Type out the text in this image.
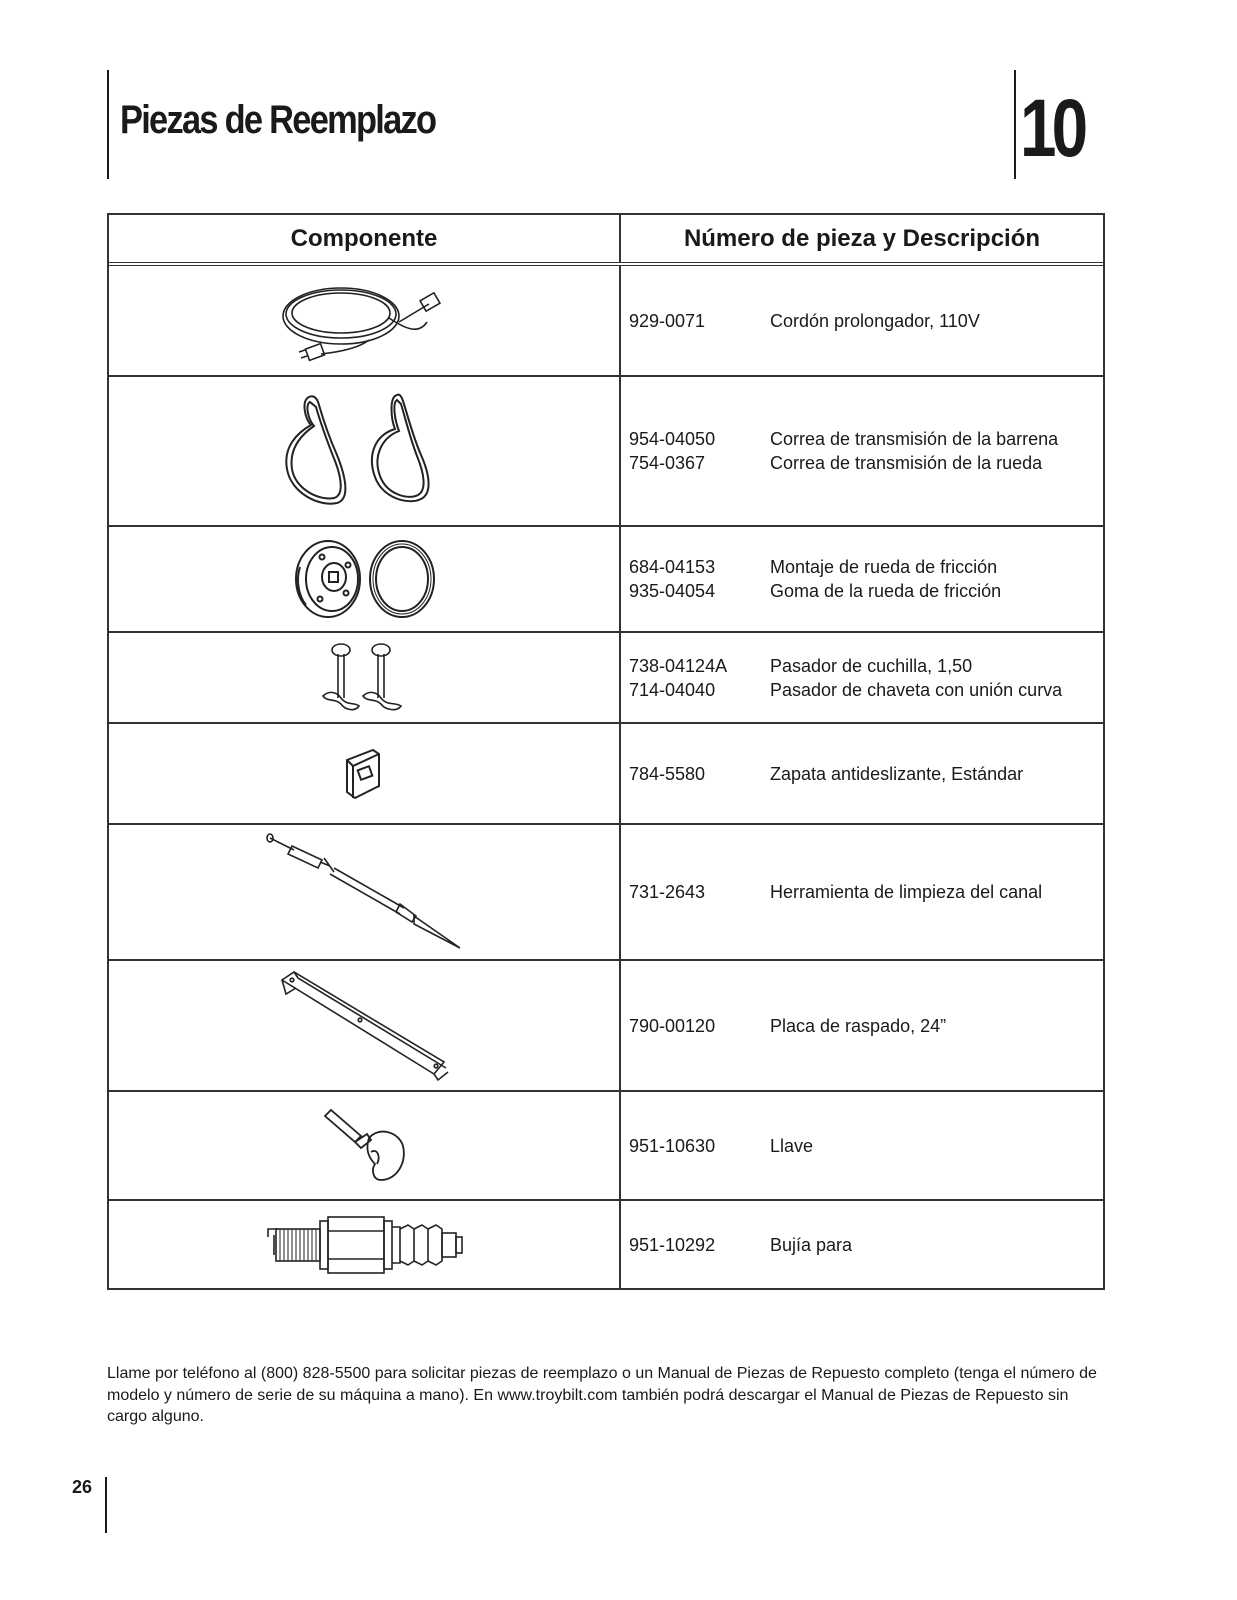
Piezas de Reemplazo	10
Componente	Número de pieza y Descripción
929-0071	Cordón prolongador, 110V
954-04050	Correa de transmisión de la barrena
754-0367	Correa de transmisión de la rueda
684-04153	Montaje de rueda de fricción
935-04054	Goma de la rueda de fricción
738-04124A	Pasador de cuchilla, 1,50
714-04040	Pasador de chaveta con unión curva
784-5580	Zapata antideslizante, Estándar
731-2643	Herramienta de limpieza del canal
790-00120	Placa de raspado, 24”
951-10630	Llave
951-10292	Bujía para

Llame por teléfono al (800) 828-5500 para solicitar piezas de reemplazo o un Manual de Piezas de Repuesto completo (tenga el número de modelo y número de serie de su máquina a mano). En www.troybilt.com también podrá descargar el Manual de Piezas de Repuesto sin cargo alguno.

26
